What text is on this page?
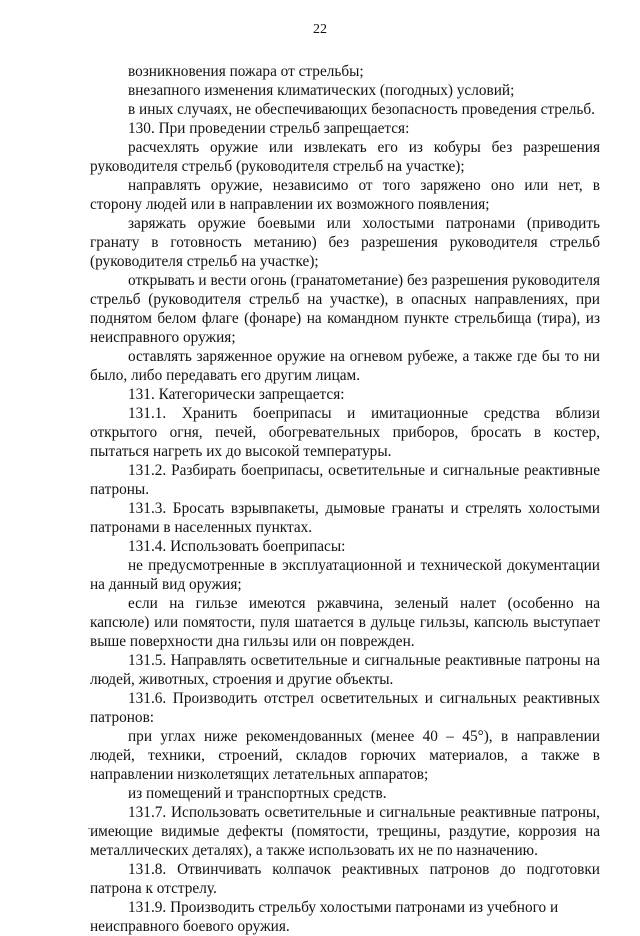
22

возникновения пожара от стрельбы;

внезапного изменения климатических (погодных) условий;

в иных случаях, не обеспечивающих безопасность проведения стрельб.

130. При проведении стрельб запрещается:

расчехлять оружие или извлекать его из кобуры без разрешения руководителя стрельб (руководителя стрельб на участке);

направлять оружие, независимо от того заряжено оно или нет, в сторону людей или в направлении их возможного появления;

заряжать оружие боевыми или холостыми патронами (приводить гранату в готовность метанию) без разрешения руководителя стрельб (руководителя стрельб на участке);

открывать и вести огонь (гранатометание) без разрешения руководителя стрельб (руководителя стрельб на участке), в опасных направлениях, при поднятом белом флаге (фонаре) на командном пункте стрельбища (тира), из неисправного оружия;

оставлять заряженное оружие на огневом рубеже, а также где бы то ни было, либо передавать его другим лицам.

131. Категорически запрещается:

131.1. Хранить боеприпасы и имитационные средства вблизи открытого огня, печей, обогревательных приборов, бросать в костер, пытаться нагреть их до высокой температуры.

131.2. Разбирать боеприпасы, осветительные и сигнальные реактивные патроны.

131.3. Бросать взрывпакеты, дымовые гранаты и стрелять холостыми патронами в населенных пунктах.

131.4. Использовать боеприпасы:

не предусмотренные в эксплуатационной и технической документации на данный вид оружия;

если на гильзе имеются ржавчина, зеленый налет (особенно на капсюле) или помятости, пуля шатается в дульце гильзы, капсюль выступает выше поверхности дна гильзы или он поврежден.

131.5. Направлять осветительные и сигнальные реактивные патроны на людей, животных, строения и другие объекты.

131.6. Производить отстрел осветительных и сигнальных реактивных патронов:

при углах ниже рекомендованных (менее 40 – 45°), в направлении людей, техники, строений, складов горючих материалов, а также в направлении низколетящих летательных аппаратов;

из помещений и транспортных средств.

131.7. Использовать осветительные и сигнальные реактивные патроны, имеющие видимые дефекты (помятости, трещины, раздутие, коррозия на металлических деталях), а также использовать их не по назначению.

131.8. Отвинчивать колпачок реактивных патронов до подготовки патрона к отстрелу.

131.9. Производить стрельбу холостыми патронами из учебного и неисправного боевого оружия.
